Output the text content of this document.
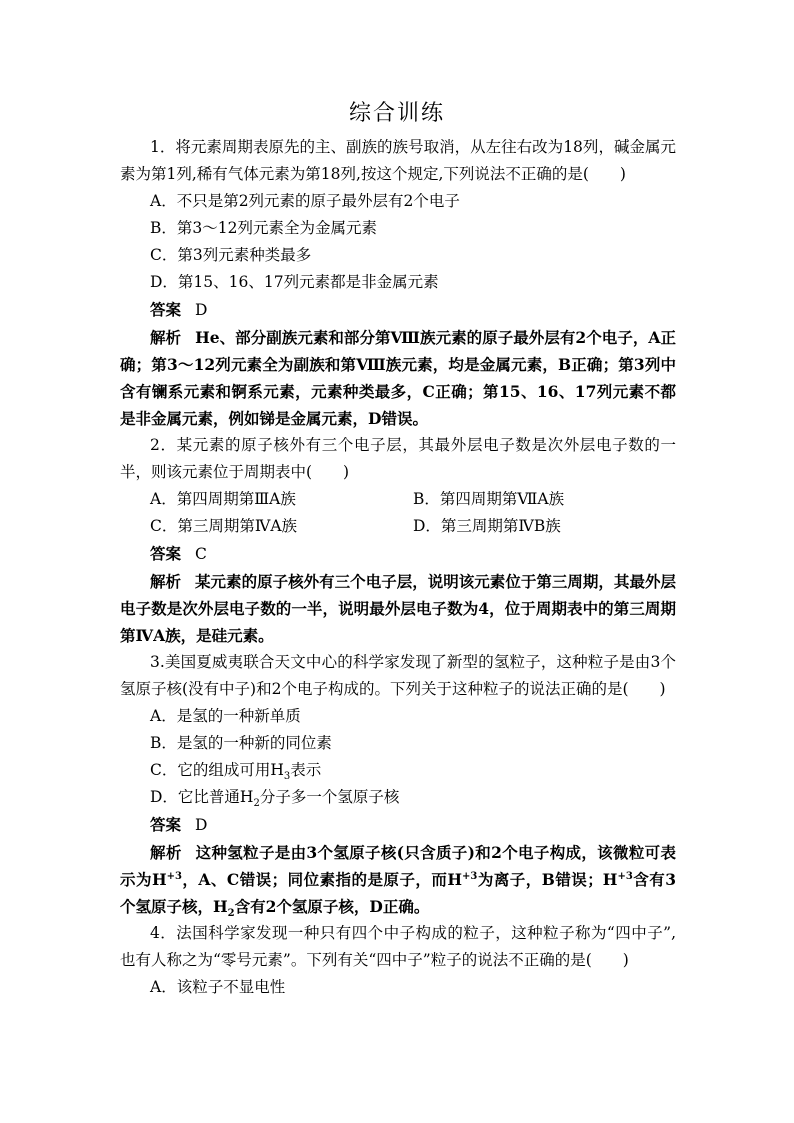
综合训练

1．将元素周期表原先的主、副族的族号取消，从左往右改为18列，碱金属元素为第1列,稀有气体元素为第18列,按这个规定,下列说法不正确的是(　　)

A．不只是第2列元素的原子最外层有2个电子

B．第3～12列元素全为金属元素

C．第3列元素种类最多

D．第15、16、17列元素都是非金属元素

答案 D

解析 He、部分副族元素和部分第Ⅷ族元素的原子最外层有2个电子，A正确；第3～12列元素全为副族和第Ⅷ族元素，均是金属元素，B正确；第3列中含有镧系元素和锕系元素，元素种类最多，C正确；第15、16、17列元素不都是非金属元素，例如锑是金属元素，D错误。

2．某元素的原子核外有三个电子层，其最外层电子数是次外层电子数的一半，则该元素位于周期表中(　　)

A．第四周期第ⅢA族	B．第四周期第ⅦA族
C．第三周期第ⅣA族	D．第三周期第ⅣB族

答案 C

解析 某元素的原子核外有三个电子层，说明该元素位于第三周期，其最外层电子数是次外层电子数的一半，说明最外层电子数为4，位于周期表中的第三周期第ⅣA族，是硅元素。

3.美国夏威夷联合天文中心的科学家发现了新型的氢粒子，这种粒子是由3个氢原子核(没有中子)和2个电子构成的。下列关于这种粒子的说法正确的是(　　)

A．是氢的一种新单质

B．是氢的一种新的同位素

C．它的组成可用$H_3$表示

D．它比普通$H_2$分子多一个氢原子核

答案 D

解析 这种氢粒子是由3个氢原子核(只含质子)和2个电子构成，该微粒可表示为$H^{+3}$，A、C错误；同位素指的是原子，而$H^{+3}$为离子，B错误；$H^{+3}$含有3个氢原子核，$H_2$含有2个氢原子核，D正确。

4．法国科学家发现一种只有四个中子构成的粒子，这种粒子称为“四中子”,也有人称之为“零号元素”。下列有关“四中子”粒子的说法不正确的是(　　)

A．该粒子不显电性
